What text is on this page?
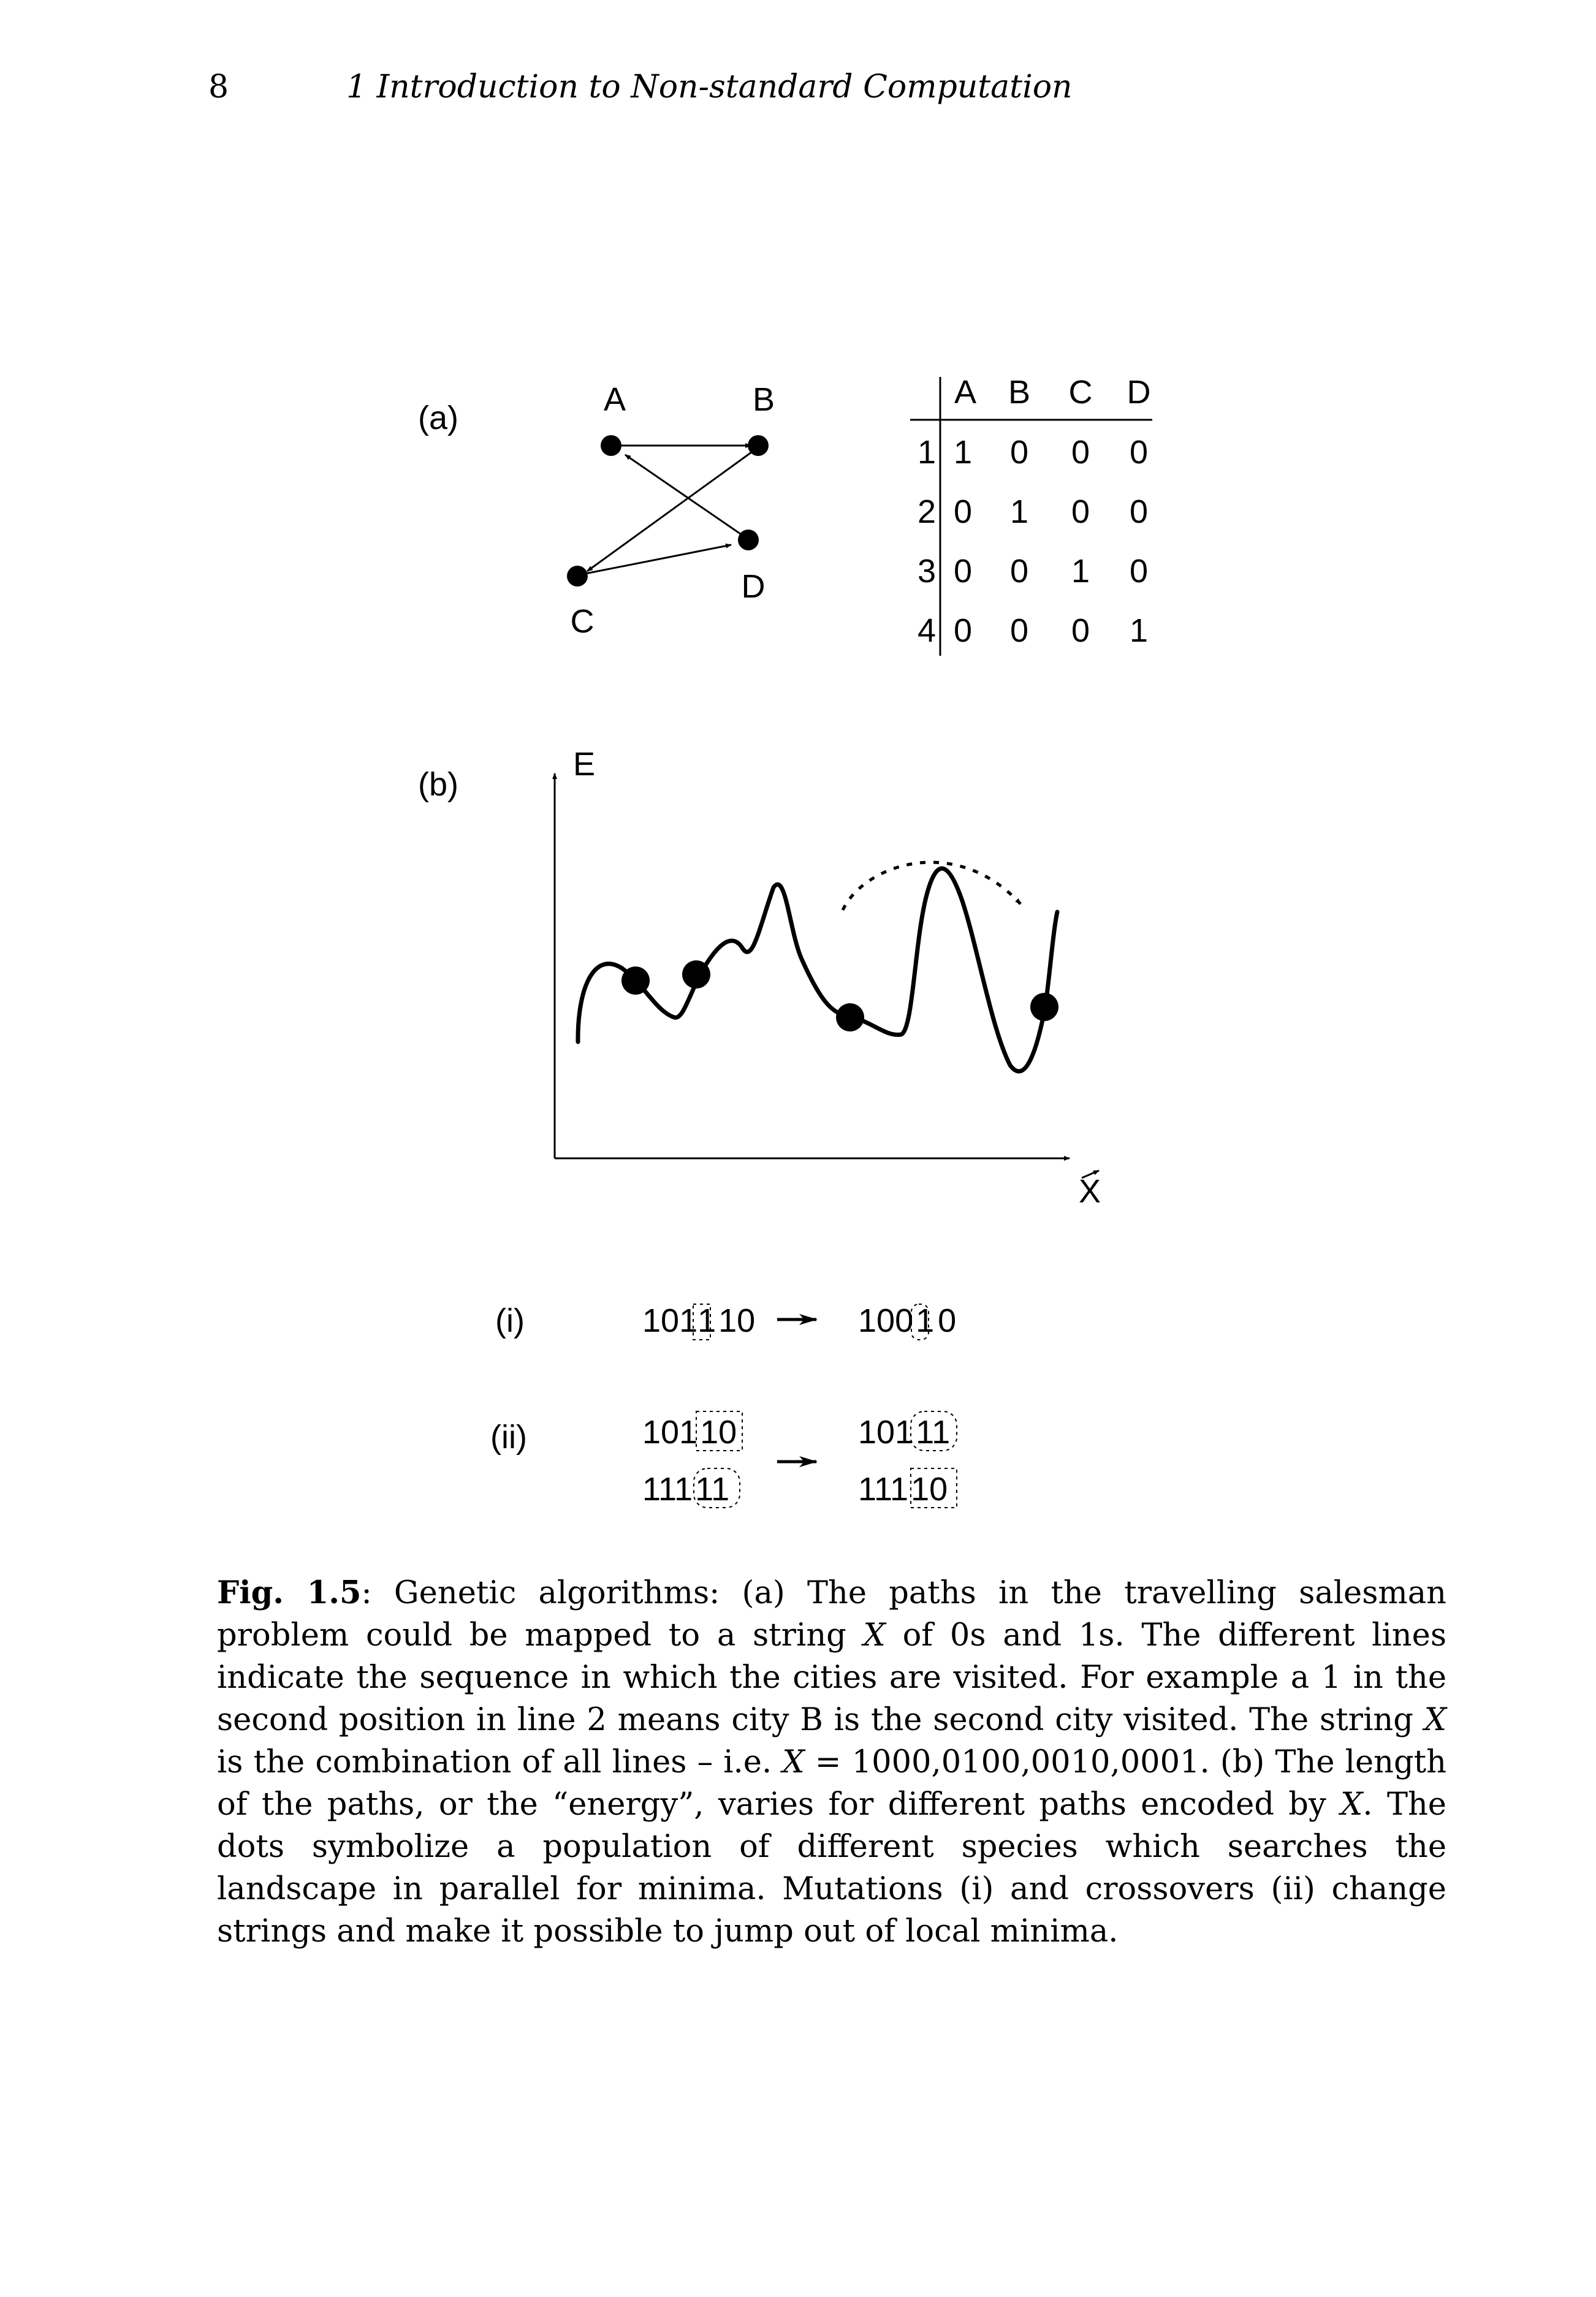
8	1 Introduction to Non-standard Computation
(a)	A	B
C
D
A B C D
1 1 0 0 0
2 0 1 0 0
3 0 0 1 0
4 0 0 0 1
(b)
E
X
(i)	1011 10	1001 0
(ii)	101 10
111 11
101 11
111 10
Fig. 1.5: Genetic algorithms: (a) The paths in the travelling salesman problem could be mapped to a string X of 0s and 1s. The different lines indicate the sequence in which the cities are visited. For example a 1 in the second position in line 2 means city B is the second city visited. The string X is the combination of all lines – i.e. X = 1000,0100,0010,0001. (b) The length of the paths, or the “energy”, varies for different paths encoded by X. The dots symbolize a population of different species which searches the landscape in parallel for minima. Mutations (i) and crossovers (ii) change strings and make it possible to jump out of local minima.
